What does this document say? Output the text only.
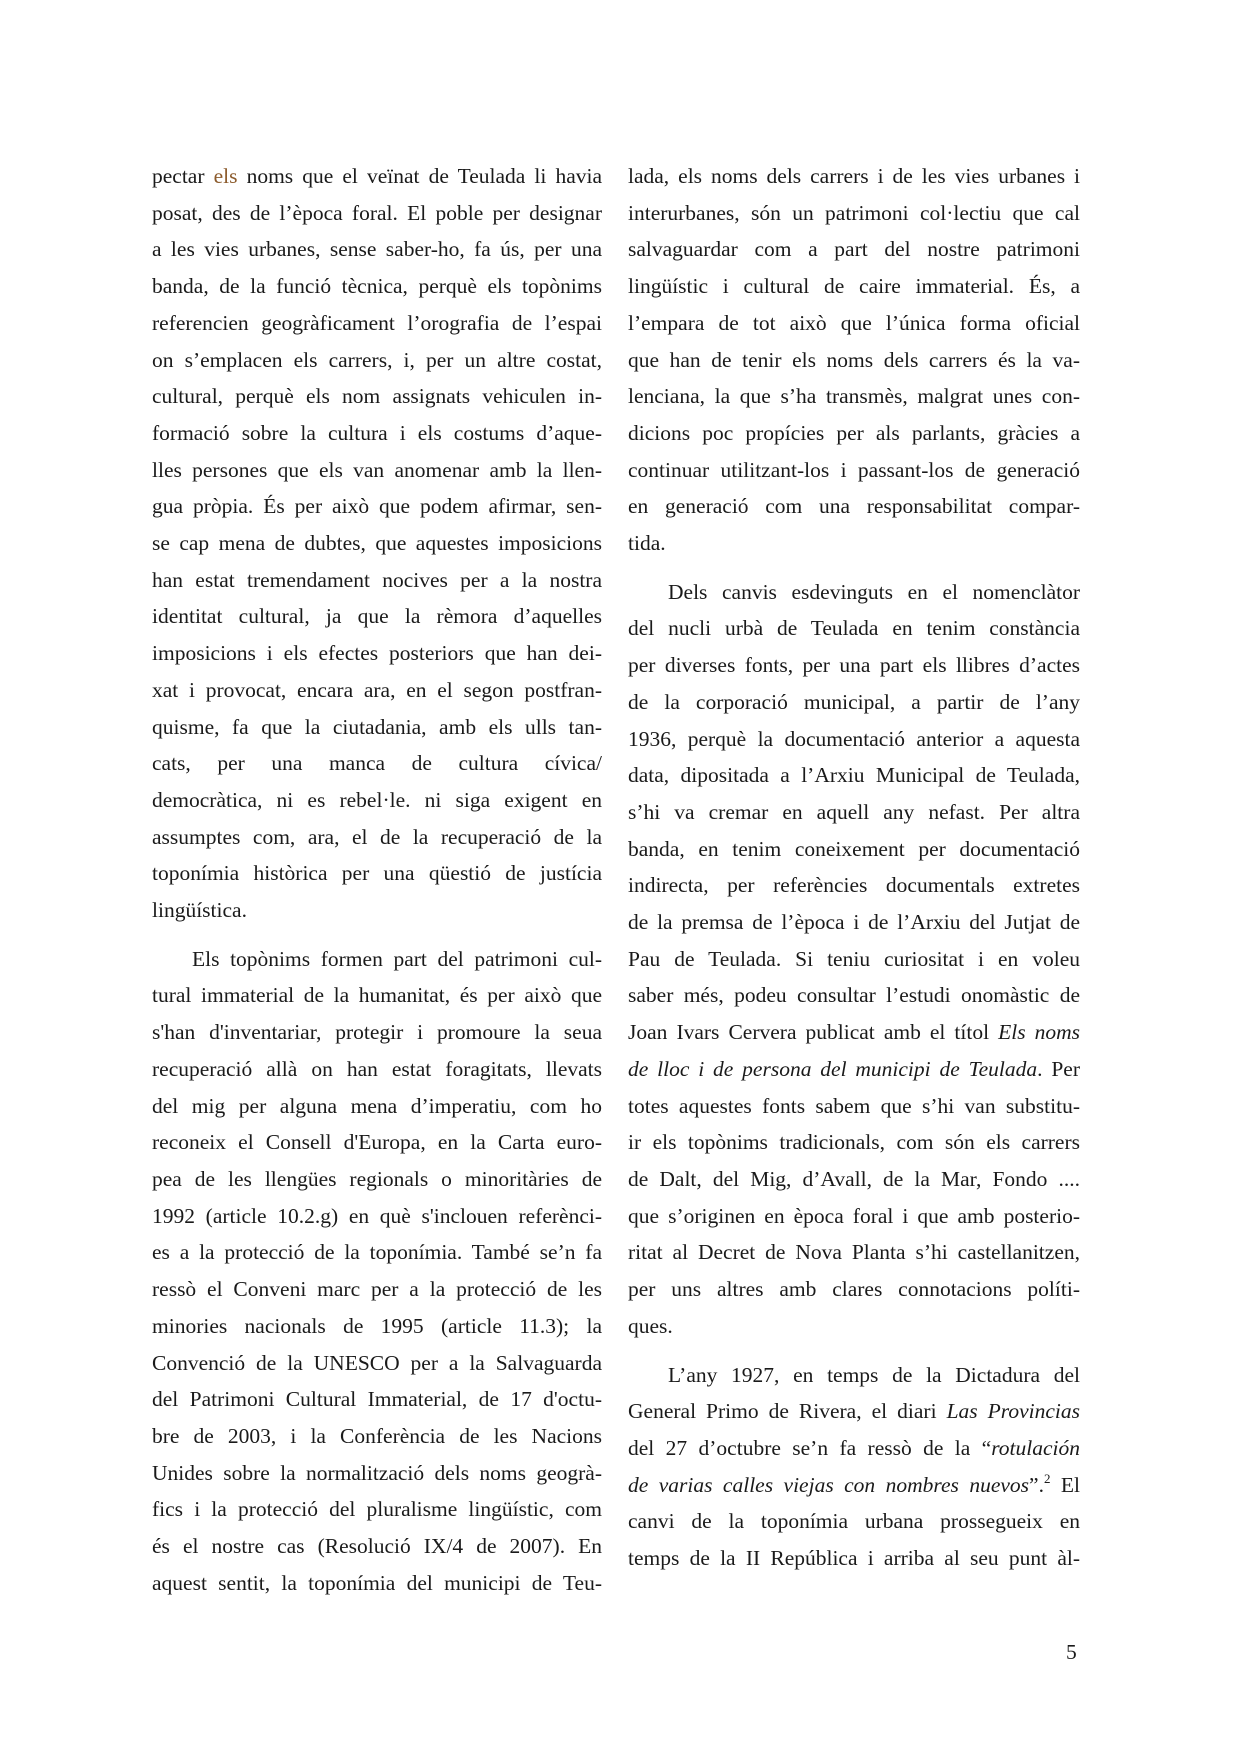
pectar els noms que el veïnat de Teulada li havia
posat, des de l’època foral. El poble per designar
a les vies urbanes, sense saber-ho, fa ús, per una
banda, de la funció tècnica, perquè els topònims
referencien geogràficament l’orografia de l’espai
on s’emplacen els carrers, i, per un altre costat,
cultural, perquè els nom assignats vehiculen in-
formació sobre la cultura i els costums d’aque-
lles persones que els van anomenar amb la llen-
gua pròpia. És per això que podem afirmar, sen-
se cap mena de dubtes, que aquestes imposicions
han estat tremendament nocives per a la nostra
identitat cultural, ja que la rèmora d’aquelles
imposicions i els efectes posteriors que han dei-
xat i provocat, encara ara, en el segon postfran-
quisme, fa que la ciutadania, amb els ulls tan-
cats, per una manca de cultura cívica/
democràtica, ni es rebel·le. ni siga exigent en
assumptes com, ara, el de la recuperació de la
toponímia històrica per una qüestió de justícia
lingüística.

Els topònims formen part del patrimoni cul-
tural immaterial de la humanitat, és per això que
s'han d'inventariar, protegir i promoure la seua
recuperació allà on han estat foragitats, llevats
del mig per alguna mena d’imperatiu, com ho
reconeix el Consell d'Europa, en la Carta euro-
pea de les llengües regionals o minoritàries de
1992 (article 10.2.g) en què s'inclouen referènci-
es a la protecció de la toponímia. També se’n fa
ressò el Conveni marc per a la protecció de les
minories nacionals de 1995 (article 11.3); la
Convenció de la UNESCO per a la Salvaguarda
del Patrimoni Cultural Immaterial, de 17 d'octu-
bre de 2003, i la Conferència de les Nacions
Unides sobre la normalització dels noms geogrà-
fics i la protecció del pluralisme lingüístic, com
és el nostre cas (Resolució IX/4 de 2007). En
aquest sentit, la toponímia del municipi de Teu-

lada, els noms dels carrers i de les vies urbanes i
interurbanes, són un patrimoni col·lectiu que cal
salvaguardar com a part del nostre patrimoni
lingüístic i cultural de caire immaterial. És, a
l’empara de tot això que l’única forma oficial
que han de tenir els noms dels carrers és la va-
lenciana, la que s’ha transmès, malgrat unes con-
dicions poc propícies per als parlants, gràcies a
continuar utilitzant-los i passant-los de generació
en generació com una responsabilitat compar-
tida.

Dels canvis esdevinguts en el nomenclàtor
del nucli urbà de Teulada en tenim constància
per diverses fonts, per una part els llibres d’actes
de la corporació municipal, a partir de l’any
1936, perquè la documentació anterior a aquesta
data, dipositada a l’Arxiu Municipal de Teulada,
s’hi va cremar en aquell any nefast. Per altra
banda, en tenim coneixement per documentació
indirecta, per referències documentals extretes
de la premsa de l’època i de l’Arxiu del Jutjat de
Pau de Teulada. Si teniu curiositat i en voleu
saber més, podeu consultar l’estudi onomàstic de
Joan Ivars Cervera publicat amb el títol Els noms
de lloc i de persona del municipi de Teulada. Per
totes aquestes fonts sabem que s’hi van substitu-
ir els topònims tradicionals, com són els carrers
de Dalt, del Mig, d’Avall, de la Mar, Fondo ....
que s’originen en època foral i que amb posterio-
ritat al Decret de Nova Planta s’hi castellanitzen,
per uns altres amb clares connotacions políti-
ques.

L’any 1927, en temps de la Dictadura del
General Primo de Rivera, el diari Las Provincias
del 27 d’octubre se’n fa ressò de la “rotulación
de varias calles viejas con nombres nuevos”.$^2$ El
canvi de la toponímia urbana prossegueix en
temps de la II República i arriba al seu punt àl-

5
